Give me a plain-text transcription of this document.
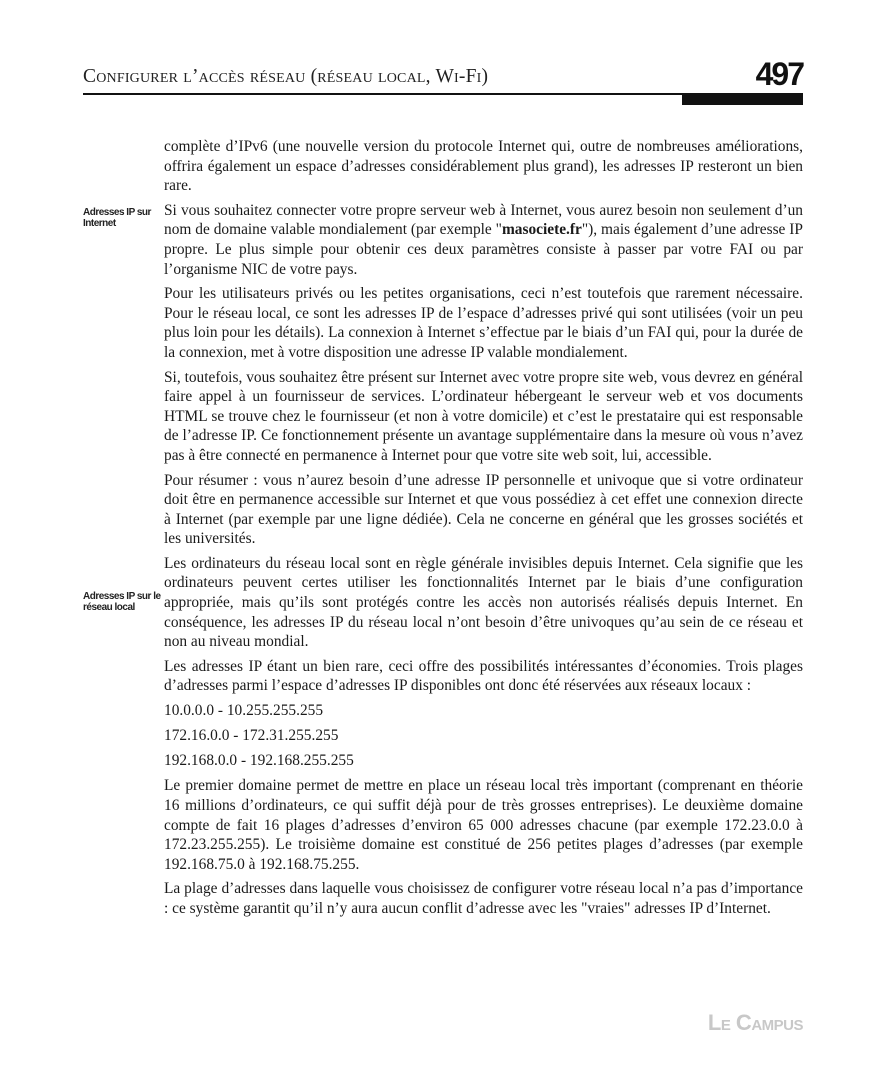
Configurer l’accès réseau (réseau local, Wi-Fi)	497
Adresses IP sur Internet
Adresses IP sur le réseau local

complète d’IPv6 (une nouvelle version du protocole Internet qui, outre de nombreuses améliorations, offrira également un espace d’adresses considérablement plus grand), les adresses IP resteront un bien rare.

Si vous souhaitez connecter votre propre serveur web à Internet, vous aurez besoin non seulement d’un nom de domaine valable mondialement (par exemple "masociete.fr"), mais également d’une adresse IP propre. Le plus simple pour obtenir ces deux paramètres consiste à passer par votre FAI ou par l’organisme NIC de votre pays.

Pour les utilisateurs privés ou les petites organisations, ceci n’est toutefois que rarement nécessaire. Pour le réseau local, ce sont les adresses IP de l’espace d’adresses privé qui sont utilisées (voir un peu plus loin pour les détails). La connexion à Internet s’effectue par le biais d’un FAI qui, pour la durée de la connexion, met à votre disposition une adresse IP valable mondialement.

Si, toutefois, vous souhaitez être présent sur Internet avec votre propre site web, vous devrez en général faire appel à un fournisseur de services. L’ordinateur hébergeant le serveur web et vos documents HTML se trouve chez le fournisseur (et non à votre domicile) et c’est le prestataire qui est responsable de l’adresse IP. Ce fonctionnement présente un avantage supplémentaire dans la mesure où vous n’avez pas à être connecté en permanence à Internet pour que votre site web soit, lui, accessible.

Pour résumer : vous n’aurez besoin d’une adresse IP personnelle et univoque que si votre ordinateur doit être en permanence accessible sur Internet et que vous possédiez à cet effet une connexion directe à Internet (par exemple par une ligne dédiée). Cela ne concerne en général que les grosses sociétés et les universités.

Les ordinateurs du réseau local sont en règle générale invisibles depuis Internet. Cela signifie que les ordinateurs peuvent certes utiliser les fonctionnalités Internet par le biais d’une configuration appropriée, mais qu’ils sont protégés contre les accès non autorisés réalisés depuis Internet. En conséquence, les adresses IP du réseau local n’ont besoin d’être univoques qu’au sein de ce réseau et non au niveau mondial.

Les adresses IP étant un bien rare, ceci offre des possibilités intéressantes d’économies. Trois plages d’adresses parmi l’espace d’adresses IP disponibles ont donc été réservées aux réseaux locaux :

10.0.0.0 - 10.255.255.255

172.16.0.0 - 172.31.255.255

192.168.0.0 - 192.168.255.255

Le premier domaine permet de mettre en place un réseau local très important (comprenant en théorie 16 millions d’ordinateurs, ce qui suffit déjà pour de très grosses entreprises). Le deuxième domaine compte de fait 16 plages d’adresses d’environ 65 000 adresses chacune (par exemple 172.23.0.0 à 172.23.255.255). Le troisième domaine est constitué de 256 petites plages d’adresses (par exemple 192.168.75.0 à 192.168.75.255.

La plage d’adresses dans laquelle vous choisissez de configurer votre réseau local n’a pas d’importance : ce système garantit qu’il n’y aura aucun conflit d’adresse avec les "vraies" adresses IP d’Internet.

Le Campus
